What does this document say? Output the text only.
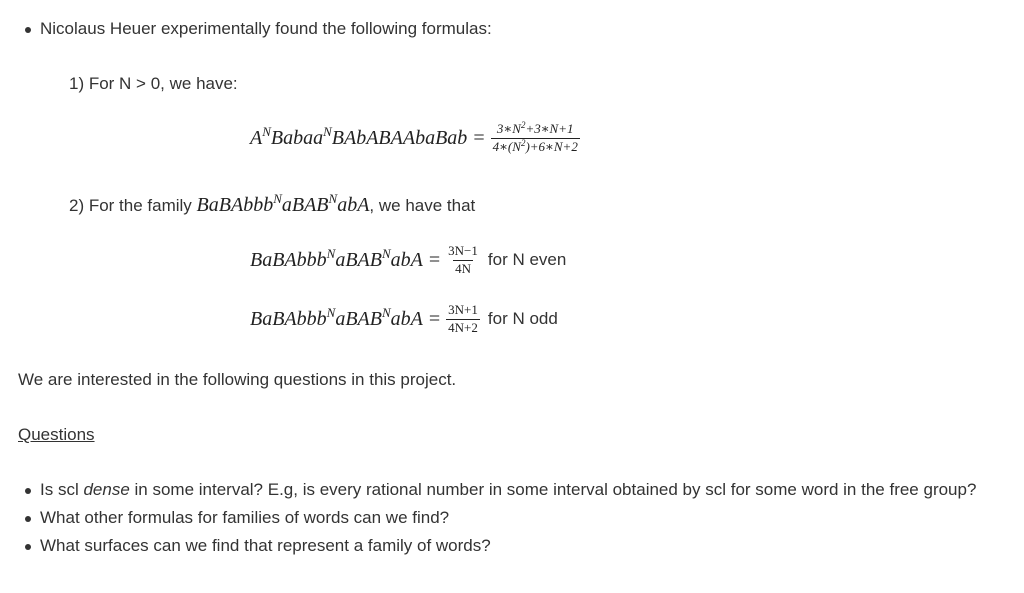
Nicolaus Heuer experimentally found the following formulas:
1) For N > 0, we have:
$A^NBabaa^NBAbABAAbaBab = \frac{3∗N^2+3∗N+1}{4∗(N^2)+6∗N+2}$
2) For the family BaBAbbb$^N$aBAB$^N$abA, we have that
BaBAbbb$^N$aBAB$^N$abA = $\frac{3N-1}{4N}$ for N even
BaBAbbb$^N$aBAB$^N$abA = $\frac{3N+1}{4N+2}$ for N odd
We are interested in the following questions in this project.
Questions
Is scl dense in some interval? E.g, is every rational number in some interval obtained by scl for some word in the free group?
What other formulas for families of words can we find?
What surfaces can we find that represent a family of words?
